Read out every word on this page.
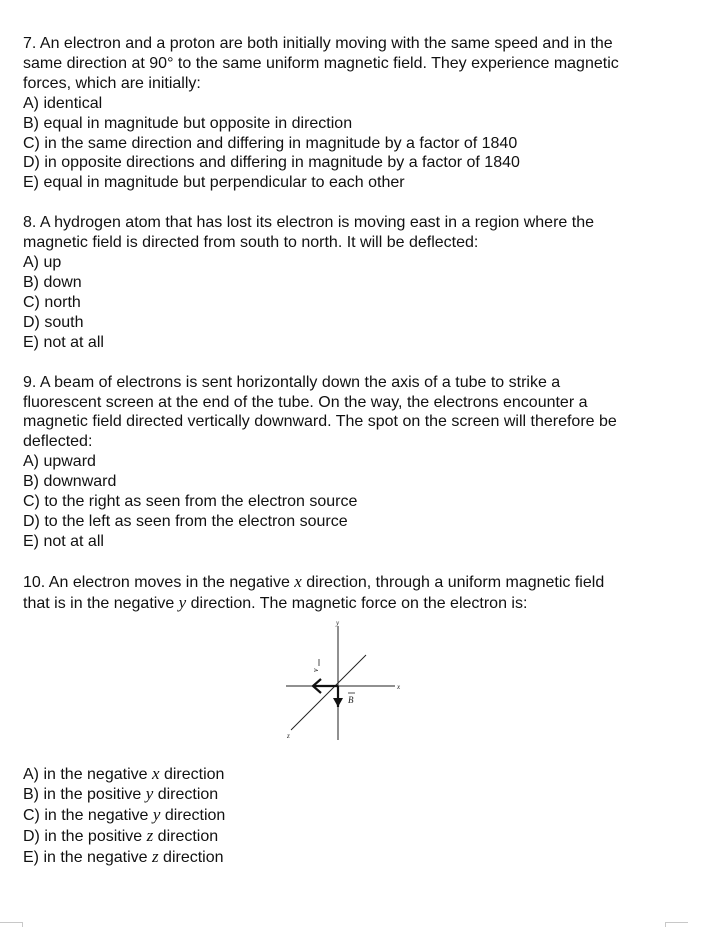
7. An electron and a proton are both initially moving with the same speed and in the
same direction at 90° to the same uniform magnetic field. They experience magnetic
forces, which are initially:

A) identical
B) equal in magnitude but opposite in direction
C) in the same direction and differing in magnitude by a factor of 1840
D) in opposite directions and differing in magnitude by a factor of 1840
E) equal in magnitude but perpendicular to each other

8. A hydrogen atom that has lost its electron is moving east in a region where the
magnetic field is directed from south to north. It will be deflected:

A) up
B) down
C) north
D) south
E) not at all

9. A beam of electrons is sent horizontally down the axis of a tube to strike a
fluorescent screen at the end of the tube. On the way, the electrons encounter a
magnetic field directed vertically downward. The spot on the screen will therefore be
deflected:

A) upward
B) downward
C) to the right as seen from the electron source
D) to the left as seen from the electron source
E) not at all

10. An electron moves in the negative x direction, through a uniform magnetic field
that is in the negative y direction. The magnetic force on the electron is:

y
x
z
v
B
A) in the negative x direction
B) in the positive y direction
C) in the negative y direction
D) in the positive z direction
E) in the negative z direction
